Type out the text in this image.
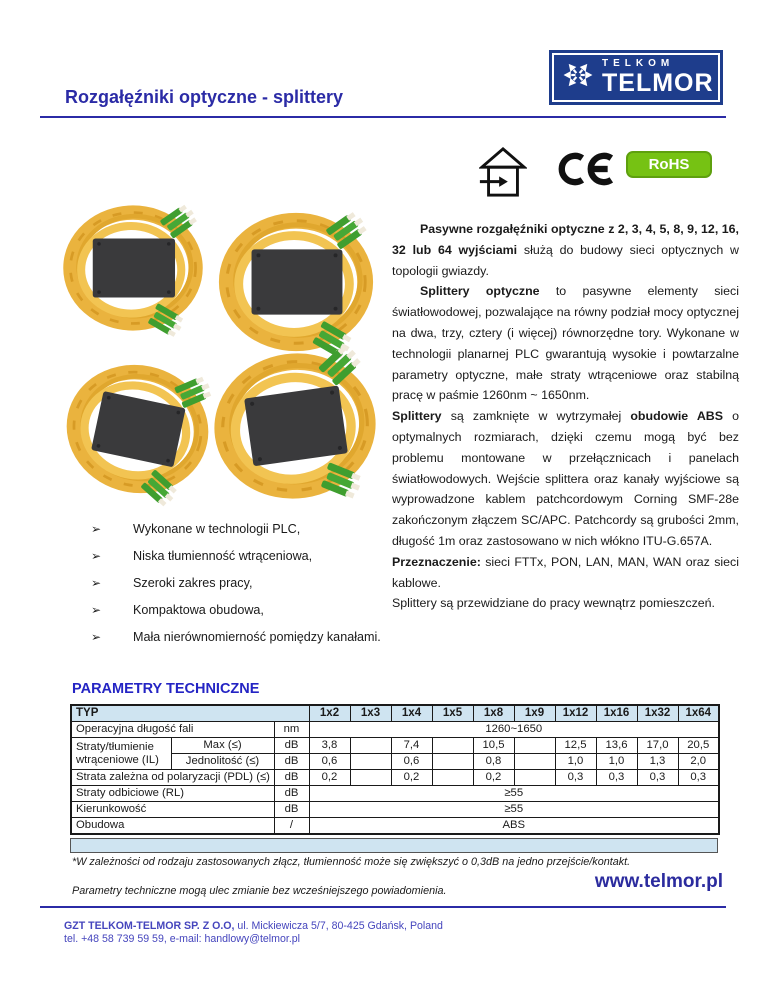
Rozgałęźniki optyczne - splittery
TELKOM
TELMOR
RoHS

Pasywne rozgałęźniki optyczne z 2, 3, 4, 5, 8, 9, 12, 16, 32 lub 64 wyjściami służą do budowy sieci optycznych w topologii gwiazdy.

Splittery optyczne to pasywne elementy sieci światłowodowej, pozwalające na równy podział mocy optycznej na dwa, trzy, cztery (i więcej) równorzędne tory. Wykonane w technologii planarnej PLC gwarantują wysokie i powtarzalne parametry optyczne, małe straty wtrąceniowe oraz stabilną pracę w paśmie 1260nm ~ 1650nm.

Splittery są zamknięte w wytrzymałej obudowie ABS o optymalnych rozmiarach, dzięki czemu mogą być bez problemu montowane w przełącznicach i panelach światłowodowych. Wejście splittera oraz kanały wyjściowe są wyprowadzone kablem patchcordowym Corning SMF-28e zakończonym złączem SC/APC. Patchcordy są grubości 2mm, długość 1m oraz zastosowano w nich włókno ITU-G.657A.

Przeznaczenie: sieci FTTx, PON, LAN, MAN, WAN oraz sieci kablowe.

Splittery są przewidziane do pracy wewnątrz pomieszczeń.

➢	Wykonane w technologii PLC,
➢	Niska tłumienność wtrąceniowa,
➢	Szeroki zakres pracy,
➢	Kompaktowa obudowa,
➢	Mała nierównomierność pomiędzy kanałami.
PARAMETRY TECHNICZNE
TYP			1x2	1x3	1x4	1x5	1x8	1x9	1x12	1x16	1x32	1x64
Operacyjna długość fali		nm	1260~1650									
Straty/tłumienie wtrąceniowe (IL)	Max (≤)	dB	3,8		7,4		10,5		12,5	13,6	17,0	20,5
	Jednolitość (≤)	dB	0,6		0,6		0,8		1,0	1,0	1,3	2,0
Strata zależna od polaryzacji (PDL) (≤)		dB	0,2		0,2		0,2		0,3	0,3	0,3	0,3
Straty odbiciowe (RL)		dB	≥55									
Kierunkowość		dB	≥55									
Obudowa		/	ABS									
*W zależności od rodzaju zastosowanych złącz, tłumienność może się zwiększyć o 0,3dB na jedno przejście/kontakt.
Parametry techniczne mogą ulec zmianie bez wcześniejszego powiadomienia.	www.telmor.pl
GZT TELKOM-TELMOR SP. Z O.O, ul. Mickiewicza 5/7, 80-425 Gdańsk, Poland
tel. +48 58 739 59 59, e-mail: handlowy@telmor.pl
